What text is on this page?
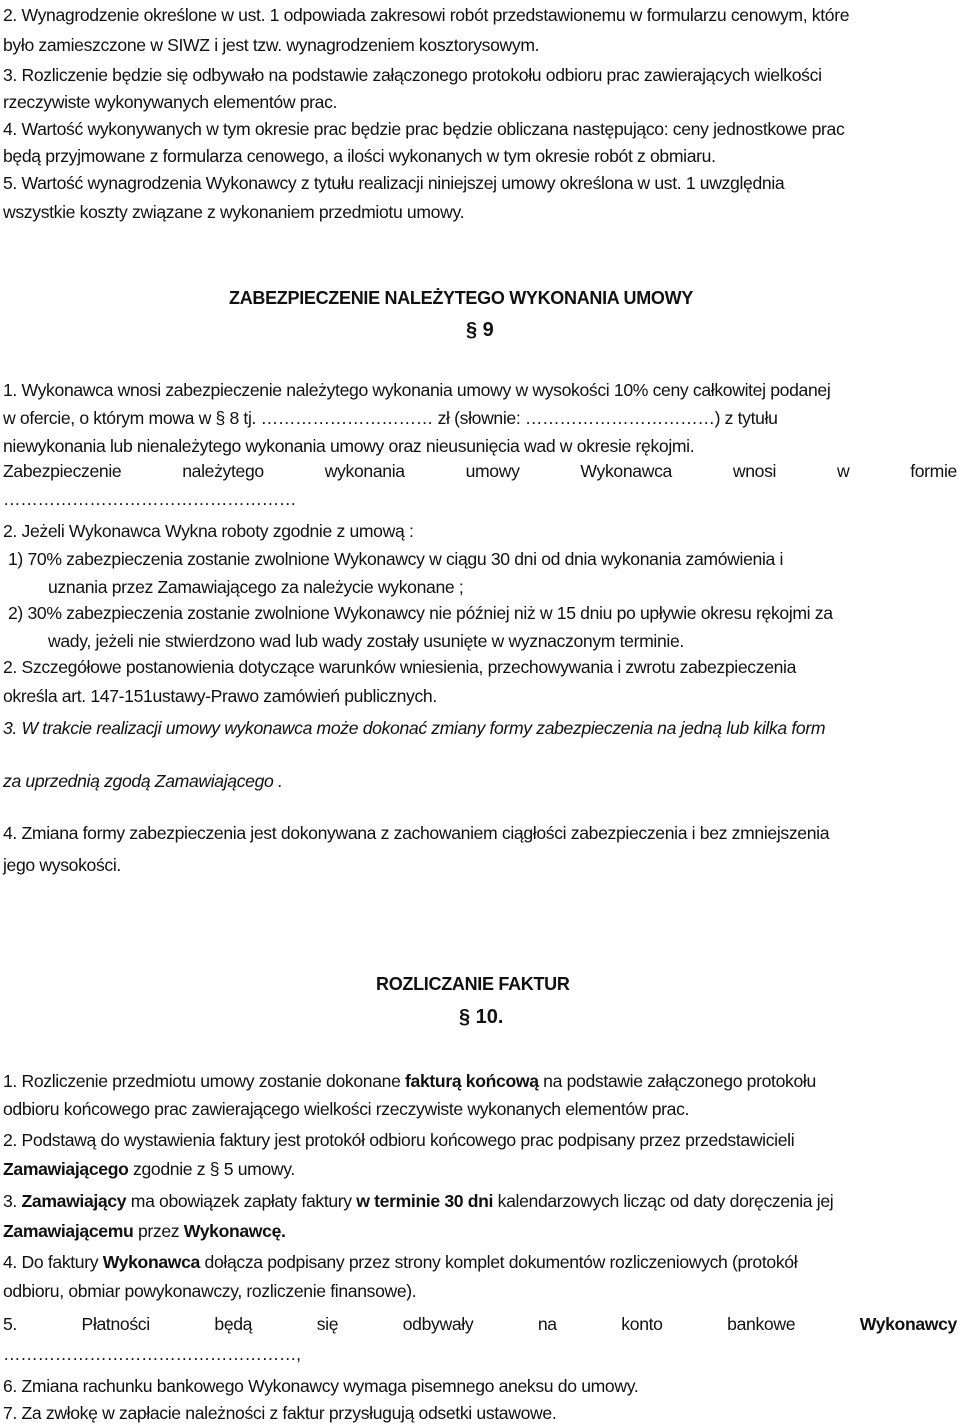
2. Wynagrodzenie określone w ust. 1 odpowiada zakresowi robót przedstawionemu w formularzu cenowym, które

było zamieszczone w SIWZ i jest tzw. wynagrodzeniem kosztorysowym.

3. Rozliczenie będzie się odbywało na podstawie załączonego protokołu odbioru prac zawierających wielkości

rzeczywiste wykonywanych elementów prac.

4. Wartość wykonywanych w tym okresie prac będzie prac będzie obliczana następująco: ceny jednostkowe prac

będą przyjmowane z formularza cenowego, a ilości wykonanych w tym okresie robót z obmiaru.

5. Wartość wynagrodzenia Wykonawcy z tytułu realizacji niniejszej umowy określona w ust. 1 uwzględnia

wszystkie koszty związane z wykonaniem przedmiotu umowy.

ZABEZPIECZENIE NALEŻYTEGO WYKONANIA UMOWY

§ 9

1. Wykonawca wnosi zabezpieczenie należytego wykonania umowy w wysokości 10% ceny całkowitej podanej

w ofercie, o którym mowa w § 8 tj. ………………………… zł (słownie: ……………………………) z tytułu

niewykonania lub nienależytego wykonania umowy oraz nieusunięcia wad w okresie rękojmi.

Zabezpieczenie należytego wykonania umowy Wykonawca wnosi w formie

……………………………………………

2. Jeżeli Wykonawca Wykna roboty zgodnie z umową :

1) 70% zabezpieczenia zostanie zwolnione Wykonawcy w ciągu 30 dni od dnia wykonania zamówienia i

uznania przez Zamawiającego za należycie wykonane ;

2) 30% zabezpieczenia zostanie zwolnione Wykonawcy nie później niż w 15 dniu po upływie okresu rękojmi za

wady, jeżeli nie stwierdzono wad lub wady zostały usunięte w wyznaczonym terminie.

2. Szczegółowe postanowienia dotyczące warunków wniesienia, przechowywania i zwrotu zabezpieczenia

określa art. 147-151ustawy-Prawo zamówień publicznych.

3. W trakcie realizacji umowy wykonawca może dokonać zmiany formy zabezpieczenia na jedną lub kilka form

za uprzednią zgodą Zamawiającego .

4. Zmiana formy zabezpieczenia jest dokonywana z zachowaniem ciągłości zabezpieczenia i bez zmniejszenia

jego wysokości.

ROZLICZANIE FAKTUR

§ 10.

1. Rozliczenie przedmiotu umowy zostanie dokonane fakturą końcową na podstawie załączonego protokołu

odbioru końcowego prac zawierającego wielkości rzeczywiste wykonanych elementów prac.

2. Podstawą do wystawienia faktury jest protokół odbioru końcowego prac podpisany przez przedstawicieli

Zamawiającego zgodnie z § 5 umowy.

3. Zamawiający ma obowiązek zapłaty faktury w terminie 30 dni kalendarzowych licząc od daty doręczenia jej

Zamawiającemu przez Wykonawcę.

4. Do faktury Wykonawca dołącza podpisany przez strony komplet dokumentów rozliczeniowych (protokół

odbioru, obmiar powykonawczy, rozliczenie finansowe).

5. Płatności będą się odbywały na konto bankowe Wykonawcy

……………………………………………,

6. Zmiana rachunku bankowego Wykonawcy wymaga pisemnego aneksu do umowy.

7. Za zwłokę w zapłacie należności z faktur przysługują odsetki ustawowe.
